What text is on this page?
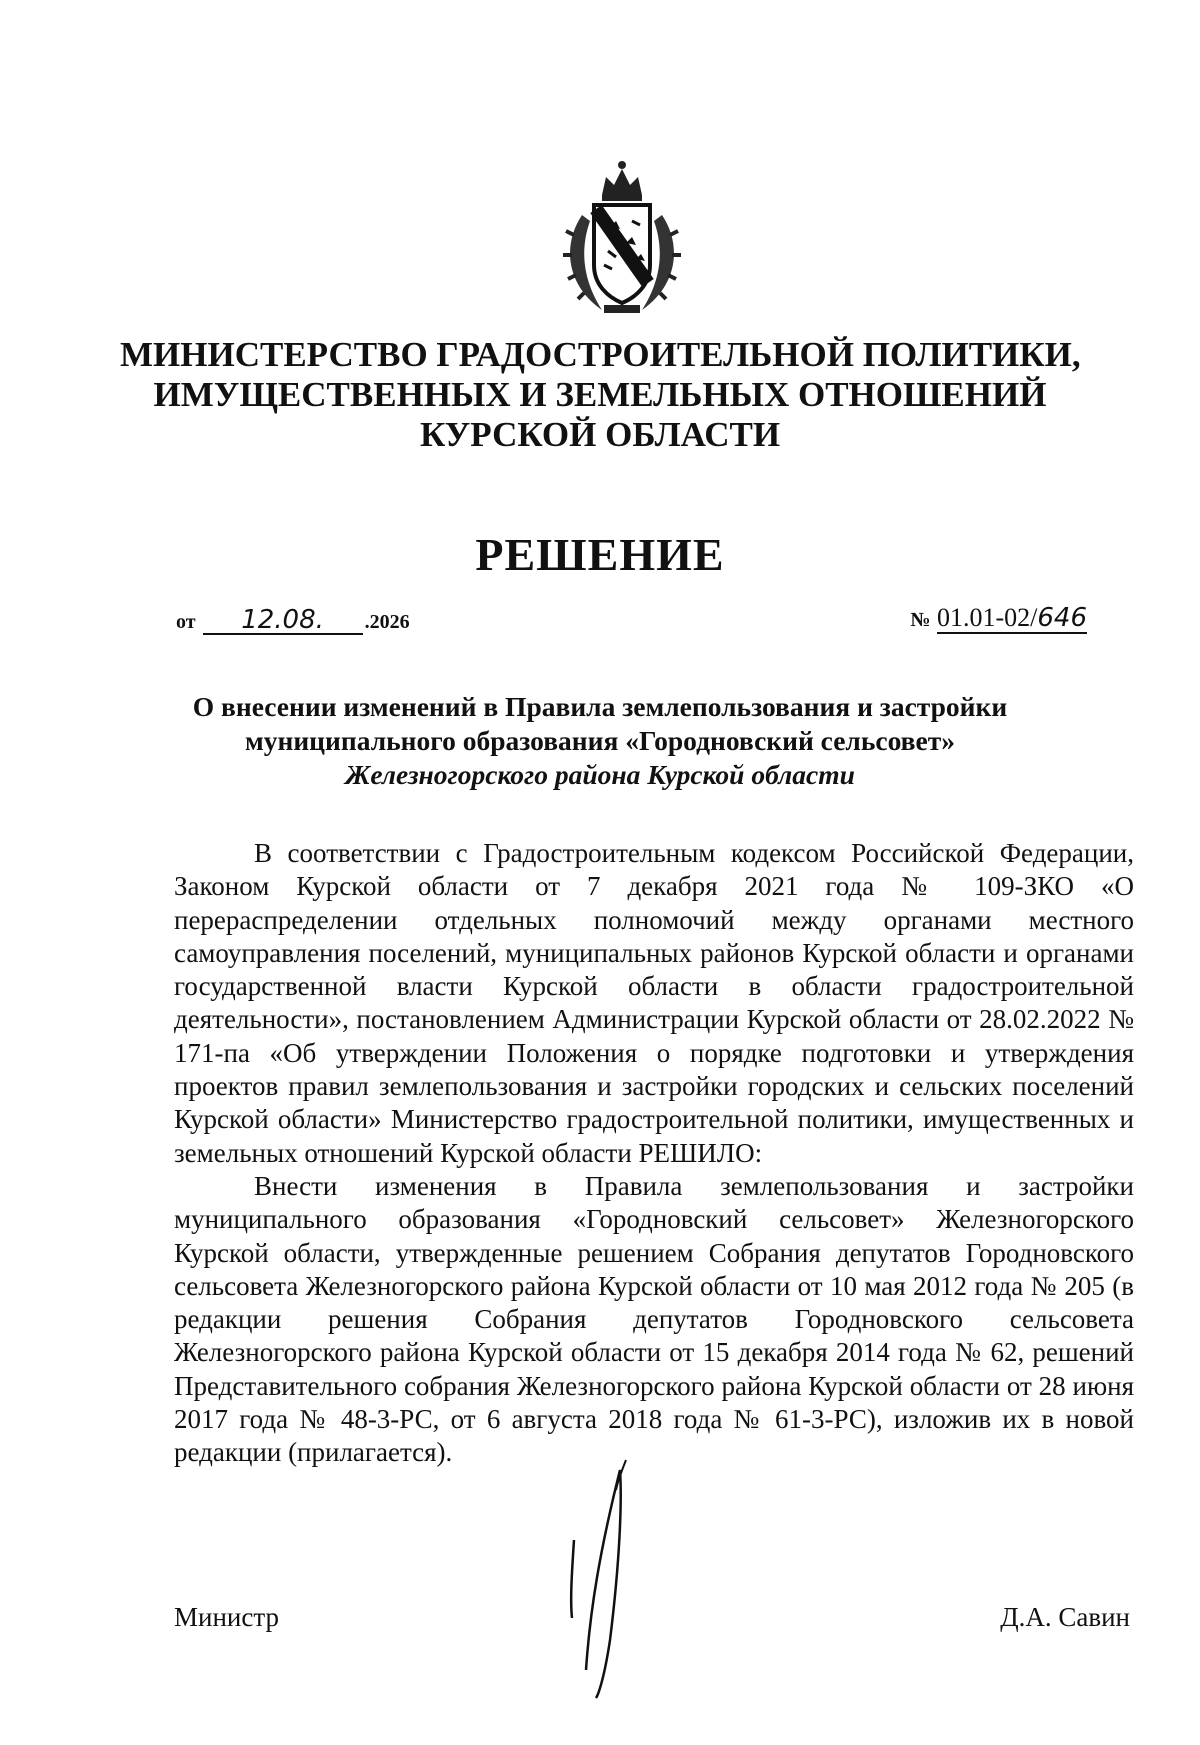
МИНИСТЕРСТВО ГРАДОСТРОИТЕЛЬНОЙ ПОЛИТИКИ,
ИМУЩЕСТВЕННЫХ И ЗЕМЕЛЬНЫХ ОТНОШЕНИЙ
КУРСКОЙ ОБЛАСТИ
РЕШЕНИЕ
от 12.08. .2026	№ 01.01-02/646
О внесении изменений в Правила землепользования и застройки
муниципального образования «Городновский сельсовет»
Железногорского района Курской области

В соответствии с Градостроительным кодексом Российской Федерации, Законом Курской области от 7 декабря 2021 года № 109-ЗКО «О перераспределении отдельных полномочий между органами местного самоуправления поселений, муниципальных районов Курской области и органами государственной власти Курской области в области градостроительной деятельности», постановлением Администрации Курской области от 28.02.2022 № 171-па «Об утверждении Положения о порядке подготовки и утверждения проектов правил землепользования и застройки городских и сельских поселений Курской области» Министерство градостроительной политики, имущественных и земельных отношений Курской области РЕШИЛО:

Внести изменения в Правила землепользования и застройки муниципального образования «Городновский сельсовет» Железногорского Курской области, утвержденные решением Собрания депутатов Городновского сельсовета Железногорского района Курской области от 10 мая 2012 года № 205 (в редакции решения Собрания депутатов Городновского сельсовета Железногорского района Курской области от 15 декабря 2014 года № 62, решений Представительного собрания Железногорского района Курской области от 28 июня 2017 года № 48-3-РС, от 6 августа 2018 года № 61-3-РС), изложив их в новой редакции (прилагается).

Министр	Д.А. Савин
